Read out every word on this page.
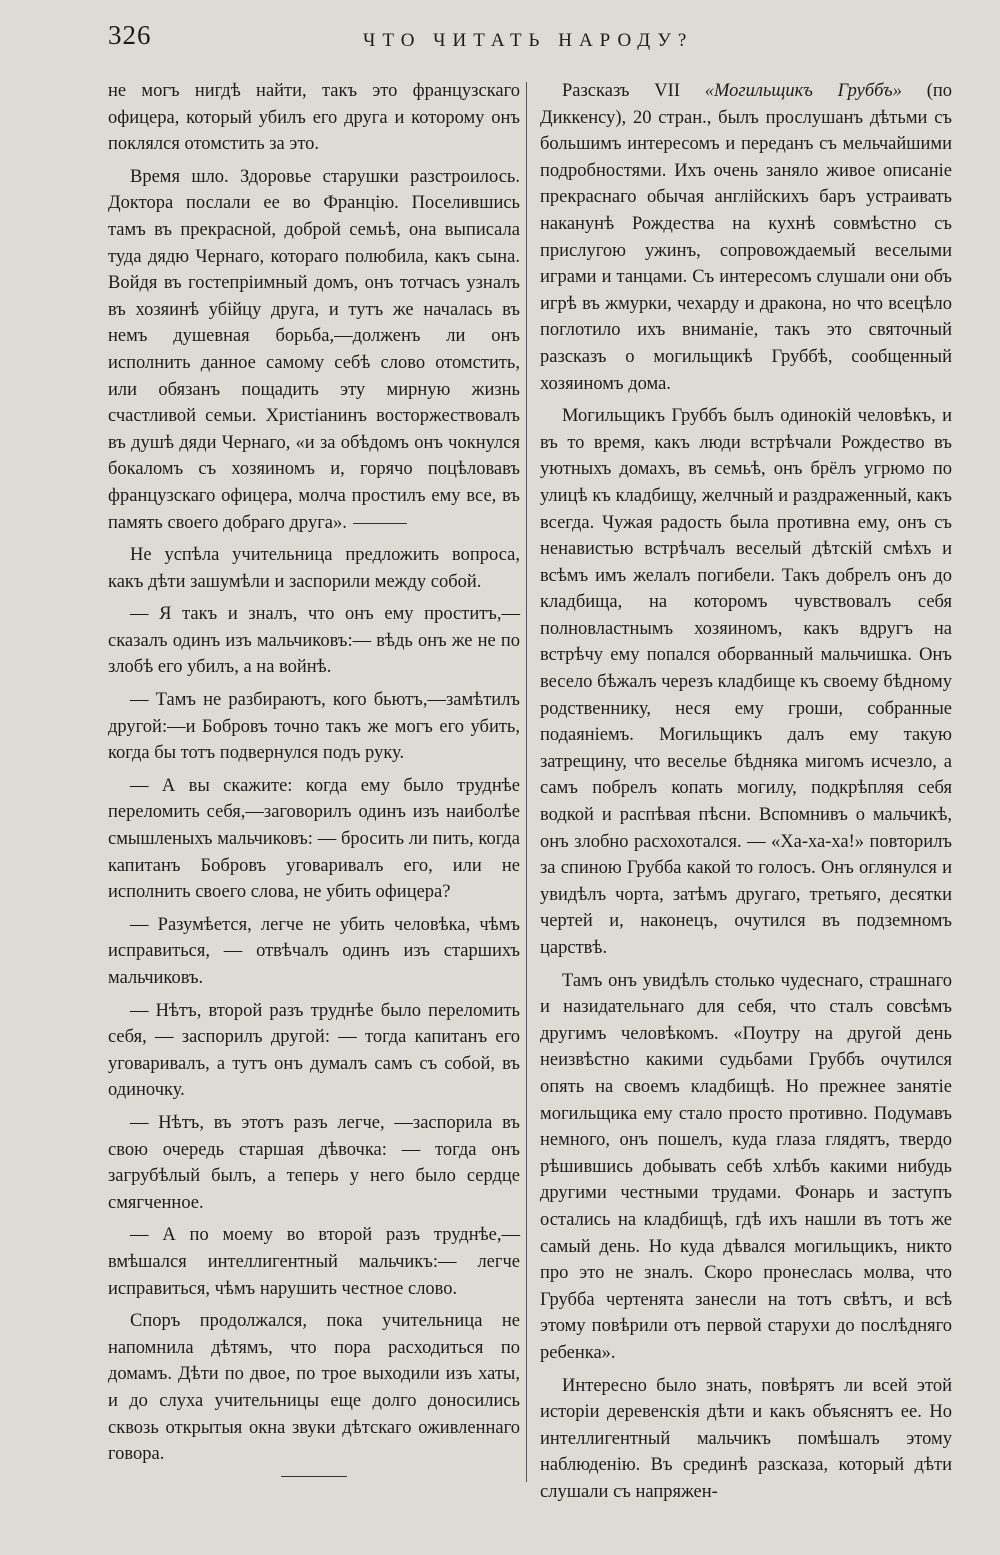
326	ЧТО ЧИТАТЬ НАРОДУ?

не могъ нигдѣ найти, такъ это французскаго офицера, который убилъ его друга и которому онъ поклялся отомстить за это.

Время шло. Здоровье старушки разстроилось. Доктора послали ее во Францію. Поселившись тамъ въ прекрасной, доброй семьѣ, она выписала туда дядю Чернаго, котораго полюбила, какъ сына. Войдя въ гостепріимный домъ, онъ тотчасъ узналъ въ хозяинѣ убійцу друга, и тутъ же началась въ немъ душевная борьба,—долженъ ли онъ исполнить данное самому себѣ слово отомстить, или обязанъ пощадить эту мирную жизнь счастливой семьи. Христіанинъ восторжествовалъ въ душѣ дяди Чернаго, «и за обѣдомъ онъ чокнулся бокаломъ съ хозяиномъ и, горячо поцѣловавъ французскаго офицера, молча простилъ ему все, въ память своего добраго друга».

Не успѣла учительница предложить вопроса, какъ дѣти зашумѣли и заспорили между собой.

— Я такъ и зналъ, что онъ ему проститъ,—сказалъ одинъ изъ мальчиковъ:— вѣдь онъ же не по злобѣ его убилъ, а на войнѣ.

— Тамъ не разбираютъ, кого бьютъ,—замѣтилъ другой:—и Бобровъ точно такъ же могъ его убить, когда бы тотъ подвернулся подъ руку.

— А вы скажите: когда ему было труднѣе переломить себя,—заговорилъ одинъ изъ наиболѣе смышленыхъ мальчиковъ: — бросить ли пить, когда капитанъ Бобровъ уговаривалъ его, или не исполнить своего слова, не убить офицера?

— Разумѣется, легче не убить человѣка, чѣмъ исправиться, — отвѣчалъ одинъ изъ старшихъ мальчиковъ.

— Нѣтъ, второй разъ труднѣе было переломить себя, — заспорилъ другой: — тогда капитанъ его уговаривалъ, а тутъ онъ думалъ самъ съ собой, въ одиночку.

— Нѣтъ, въ этотъ разъ легче, —заспорила въ свою очередь старшая дѣвочка: — тогда онъ загрубѣлый былъ, а теперь у него было сердце смягченное.

— А по моему во второй разъ труднѣе,— вмѣшался интеллигентный мальчикъ:— легче исправиться, чѣмъ нарушить честное слово.

Споръ продолжался, пока учительница не напомнила дѣтямъ, что пора расходиться по домамъ. Дѣти по двое, по трое выходили изъ хаты, и до слуха учительницы еще долго доносились сквозь открытыя окна звуки дѣтскаго оживленнаго говора.

Разсказъ VII «Могильщикъ Груббъ» (по Диккенсу), 20 стран., былъ прослушанъ дѣтьми съ большимъ интересомъ и переданъ съ мельчайшими подробностями. Ихъ очень заняло живое описаніе прекраснаго обычая англійскихъ баръ устраивать наканунѣ Рождества на кухнѣ совмѣстно съ прислугою ужинъ, сопровождаемый веселыми играми и танцами. Съ интересомъ слушали они объ игрѣ въ жмурки, чехарду и дракона, но что всецѣло поглотило ихъ вниманіе, такъ это святочный разсказъ о могильщикѣ Груббѣ, сообщенный хозяиномъ дома.

Могильщикъ Груббъ былъ одинокій человѣкъ, и въ то время, какъ люди встрѣчали Рождество въ уютныхъ домахъ, въ семьѣ, онъ брёлъ угрюмо по улицѣ къ кладбищу, желчный и раздраженный, какъ всегда. Чужая радость была противна ему, онъ съ ненавистью встрѣчалъ веселый дѣтскій смѣхъ и всѣмъ имъ желалъ погибели. Такъ добрелъ онъ до кладбища, на которомъ чувствовалъ себя полновластнымъ хозяиномъ, какъ вдругъ на встрѣчу ему попался оборванный мальчишка. Онъ весело бѣжалъ черезъ кладбище къ своему бѣдному родственнику, неся ему гроши, собранные подаяніемъ. Могильщикъ далъ ему такую затрещину, что веселье бѣдняка мигомъ исчезло, а самъ побрелъ копать могилу, подкрѣпляя себя водкой и распѣвая пѣсни. Вспомнивъ о мальчикѣ, онъ злобно расхохотался. — «Ха-ха-ха!» повторилъ за спиною Грубба какой то голосъ. Онъ оглянулся и увидѣлъ чорта, затѣмъ другаго, третьяго, десятки чертей и, наконецъ, очутился въ подземномъ царствѣ.

Тамъ онъ увидѣлъ столько чудеснаго, страшнаго и назидательнаго для себя, что сталъ совсѣмъ другимъ человѣкомъ. «Поутру на другой день неизвѣстно какими судьбами Груббъ очутился опять на своемъ кладбищѣ. Но прежнее занятіе могильщика ему стало просто противно. Подумавъ немного, онъ пошелъ, куда глаза глядятъ, твердо рѣшившись добывать себѣ хлѣбъ какими нибудь другими честными трудами. Фонарь и заступъ остались на кладбищѣ, гдѣ ихъ нашли въ тотъ же самый день. Но куда дѣвался могильщикъ, никто про это не зналъ. Скоро пронеслась молва, что Грубба чертенята занесли на тотъ свѣтъ, и всѣ этому повѣрили отъ первой старухи до послѣдняго ребенка».

Интересно было знать, повѣрятъ ли всей этой исторіи деревенскія дѣти и какъ объяснятъ ее. Но интеллигентный мальчикъ помѣшалъ этому наблюденію. Въ срединѣ разсказа, который дѣти слушали съ напряжен-
